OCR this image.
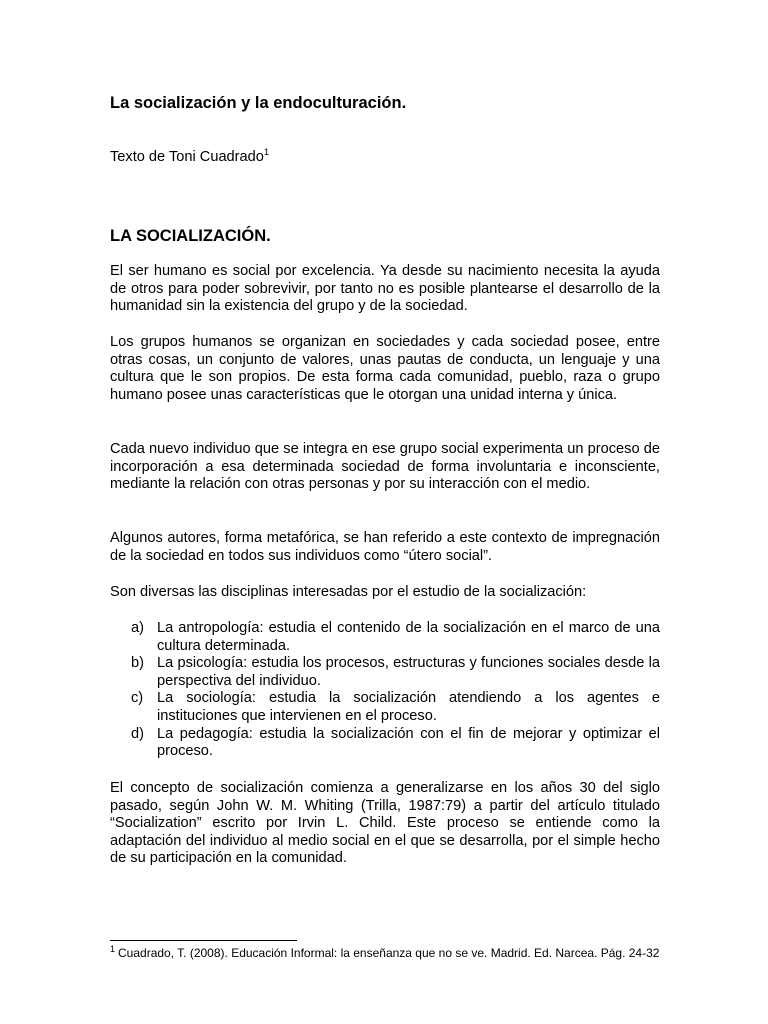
La socialización y la endoculturación.

Texto de Toni Cuadrado$^1$

LA SOCIALIZACIÓN.

El ser humano es social por excelencia. Ya desde su nacimiento necesita la ayuda de otros para poder sobrevivir, por tanto no es posible plantearse el desarrollo de la humanidad sin la existencia del grupo y de la sociedad.

Los grupos humanos se organizan en sociedades y cada sociedad posee, entre otras cosas, un conjunto de valores, unas pautas de conducta, un lenguaje y una cultura que le son propios. De esta forma cada comunidad, pueblo, raza o grupo humano posee unas características que le otorgan una unidad interna y única.

Cada nuevo individuo que se integra en ese grupo social experimenta un proceso de incorporación a esa determinada sociedad de forma involuntaria e inconsciente, mediante la relación con otras personas y por su interacción con el medio.

Algunos autores, forma metafórica, se han referido a este contexto de impregnación de la sociedad en todos sus individuos como “útero social”.

Son diversas las disciplinas interesadas por el estudio de la socialización:

a) La antropología: estudia el contenido de la socialización en el marco de una cultura determinada.
b) La psicología: estudia los procesos, estructuras y funciones sociales desde la perspectiva del individuo.
c) La sociología: estudia la socialización atendiendo a los agentes e instituciones que intervienen en el proceso.
d) La pedagogía: estudia la socialización con el fin de mejorar y optimizar el proceso.

El concepto de socialización comienza a generalizarse en los años 30 del siglo pasado, según John W. M. Whiting (Trilla, 1987:79) a partir del artículo titulado “Socialization” escrito por Irvin L. Child. Este proceso se entiende como la adaptación del individuo al medio social en el que se desarrolla, por el simple hecho de su participación en la comunidad.

$^1$ Cuadrado, T. (2008). Educación Informal: la enseñanza que no se ve. Madrid. Ed. Narcea. Pág. 24-32
